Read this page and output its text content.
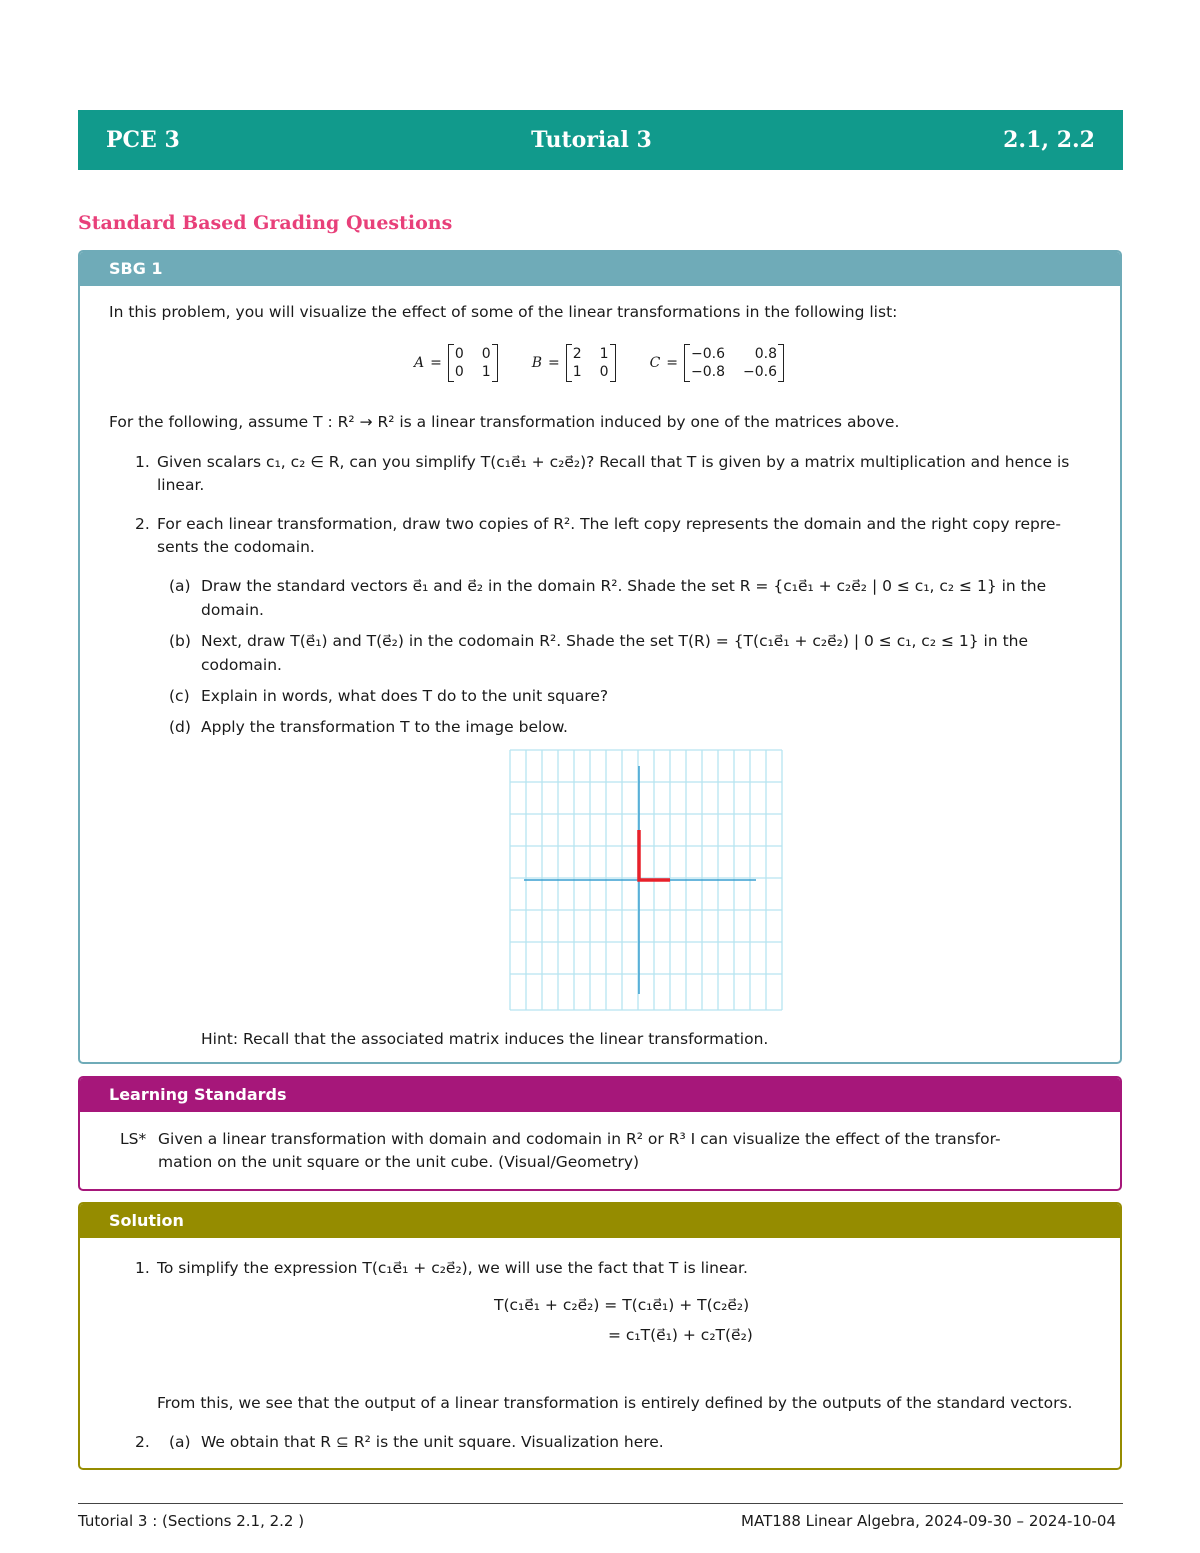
PCE 3	Tutorial 3	2.1, 2.2
Standard Based Grading Questions
SBG 1
In this problem, you will visualize the effect of some of the linear transformations in the following list:
A =
0 0
0 1
B =
2 1
1 0
C =
−0.6	0.8
−0.8 −0.6
For the following, assume T : R² → R² is a linear transformation induced by one of the matrices above.
1. Given scalars c₁, c₂ ∈ R, can you simplify T(c₁e⃗₁ + c₂e⃗₂)? Recall that T is given by a matrix multiplication and hence is
linear.
2. For each linear transformation, draw two copies of R². The left copy represents the domain and the right copy repre-
sents the codomain.
(a) Draw the standard vectors e⃗₁ and e⃗₂ in the domain R². Shade the set R = {c₁e⃗₁ + c₂e⃗₂ | 0 ≤ c₁, c₂ ≤ 1} in the
domain.
(b) Next, draw T(e⃗₁) and T(e⃗₂) in the codomain R². Shade the set T(R) = {T(c₁e⃗₁ + c₂e⃗₂) | 0 ≤ c₁, c₂ ≤ 1} in the
codomain.
(c) Explain in words, what does T do to the unit square?
(d) Apply the transformation T to the image below.
Hint: Recall that the associated matrix induces the linear transformation.
Learning Standards
LS* Given a linear transformation with domain and codomain in R² or R³ I can visualize the effect of the transfor-
mation on the unit square or the unit cube. (Visual/Geometry)
Solution
1. To simplify the expression T(c₁e⃗₁ + c₂e⃗₂), we will use the fact that T is linear.
T(c₁e⃗₁ + c₂e⃗₂) = T(c₁e⃗₁) + T(c₂e⃗₂)
= c₁T(e⃗₁) + c₂T(e⃗₂)
From this, we see that the output of a linear transformation is entirely defined by the outputs of the standard vectors.
2. (a) We obtain that R ⊆ R² is the unit square. Visualization here.
Tutorial 3 : (Sections 2.1, 2.2 )	MAT188 Linear Algebra, 2024-09-30 – 2024-10-04
